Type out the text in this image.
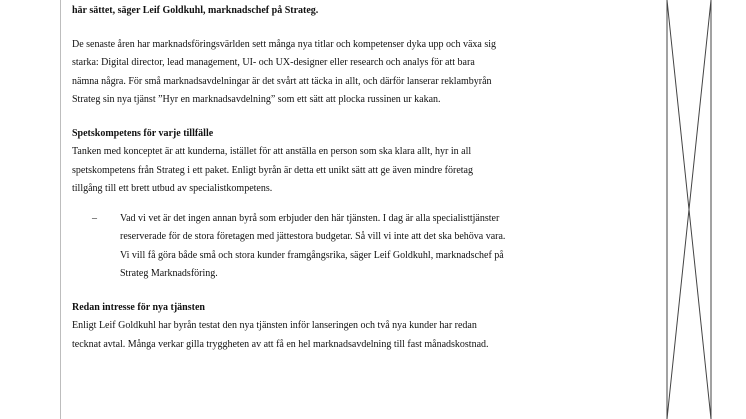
här sättet, säger Leif Goldkuhl, marknadschef på Strateg.

De senaste åren har marknadsföringsvärlden sett många nya titlar och kompetenser dyka upp och växa sig

starka: Digital director, lead management, UI- och UX-designer eller research och analys för att bara

nämna några. För små marknadsavdelningar är det svårt att täcka in allt, och därför lanserar reklambyrån

Strateg sin nya tjänst ”Hyr en marknadsavdelning” som ett sätt att plocka russinen ur kakan.

Spetskompetens för varje tillfälle

Tanken med konceptet är att kunderna, istället för att anställa en person som ska klara allt, hyr in all

spetskompetens från Strateg i ett paket. Enligt byrån är detta ett unikt sätt att ge även mindre företag

tillgång till ett brett utbud av specialistkompetens.

– Vad vi vet är det ingen annan byrå som erbjuder den här tjänsten. I dag är alla specialisttjänster

reserverade för de stora företagen med jättestora budgetar. Så vill vi inte att det ska behöva vara.

Vi vill få göra både små och stora kunder framgångsrika, säger Leif Goldkuhl, marknadschef på

Strateg Marknadsföring.

Redan intresse för nya tjänsten

Enligt Leif Goldkuhl har byrån testat den nya tjänsten inför lanseringen och två nya kunder har redan

tecknat avtal. Många verkar gilla tryggheten av att få en hel marknadsavdelning till fast månadskostnad.
